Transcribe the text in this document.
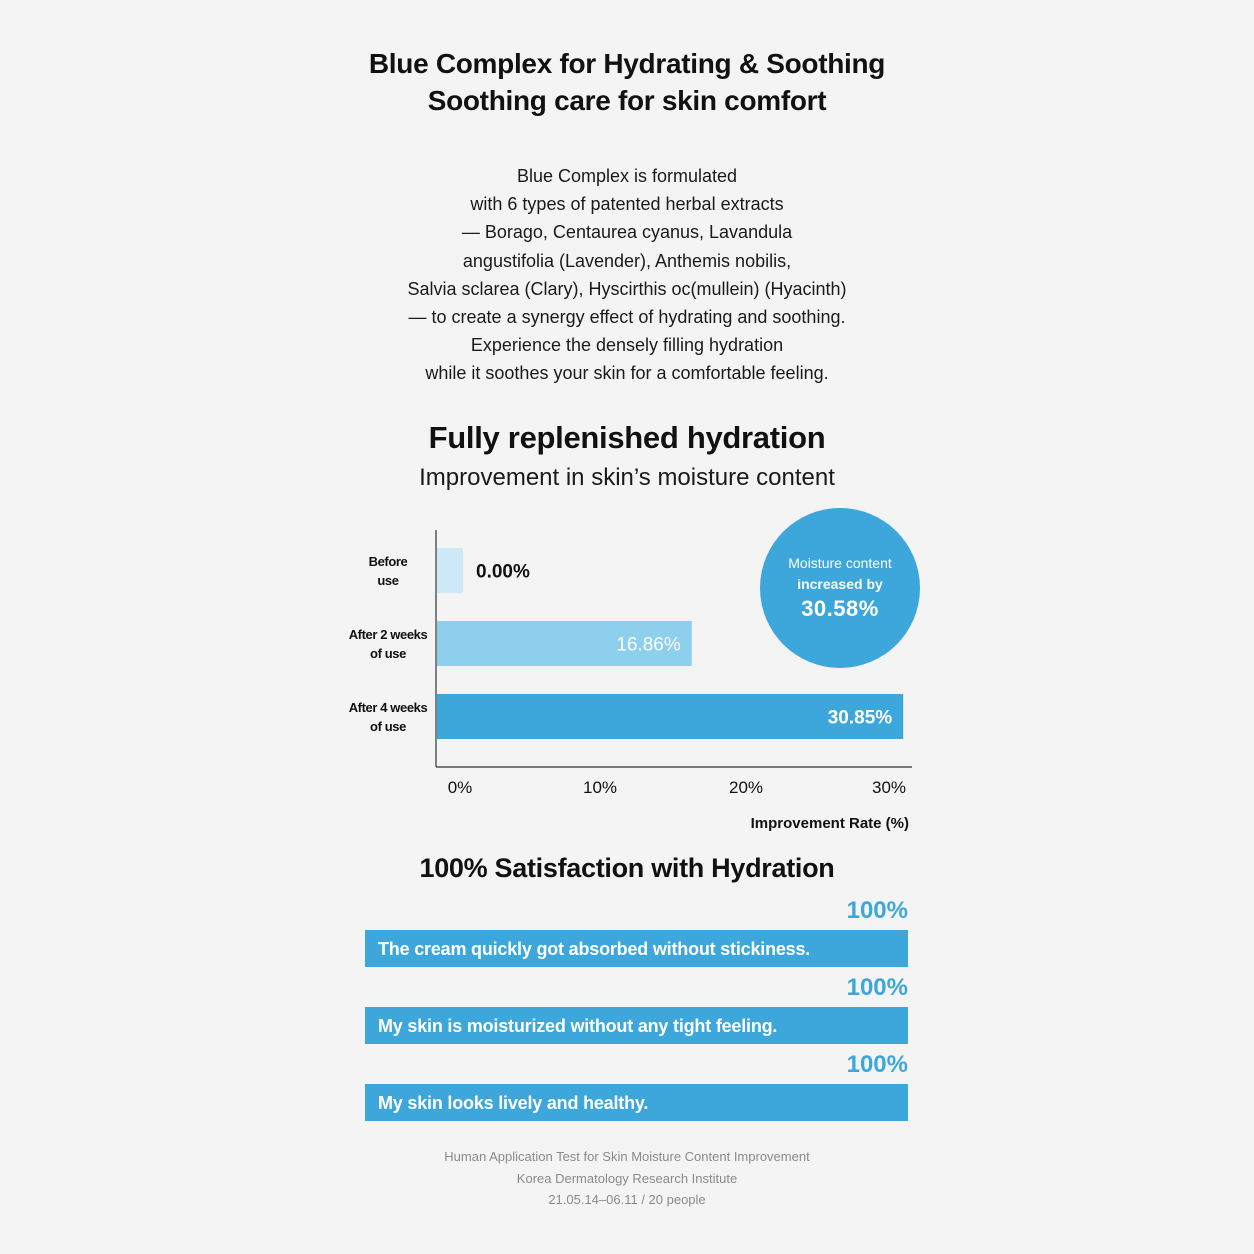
Blue Complex for Hydrating & Soothing
Soothing care for skin comfort
Blue Complex is formulated
with 6 types of patented herbal extracts
— Borago, Centaurea cyanus, Lavandula
angustifolia (Lavender), Anthemis nobilis,
Salvia sclarea (Clary), Hyscirthis oc(mullein) (Hyacinth)
— to create a synergy effect of hydrating and soothing.
Experience the densely filling hydration
while it soothes your skin for a comfortable feeling.
Fully replenished hydration
Improvement in skin’s moisture content
0.00%
16.86%
30.85%
Before
use
After 2 weeks
of use
After 4 weeks
of use
0%	10%	20%	30%
Improvement Rate (%)
Moisture content
increased by
30.58%
100% Satisfaction with Hydration
100%
The cream quickly got absorbed without stickiness.
100%
My skin is moisturized without any tight feeling.
100%
My skin looks lively and healthy.
Human Application Test for Skin Moisture Content Improvement
Korea Dermatology Research Institute
21.05.14–06.11 / 20 people
